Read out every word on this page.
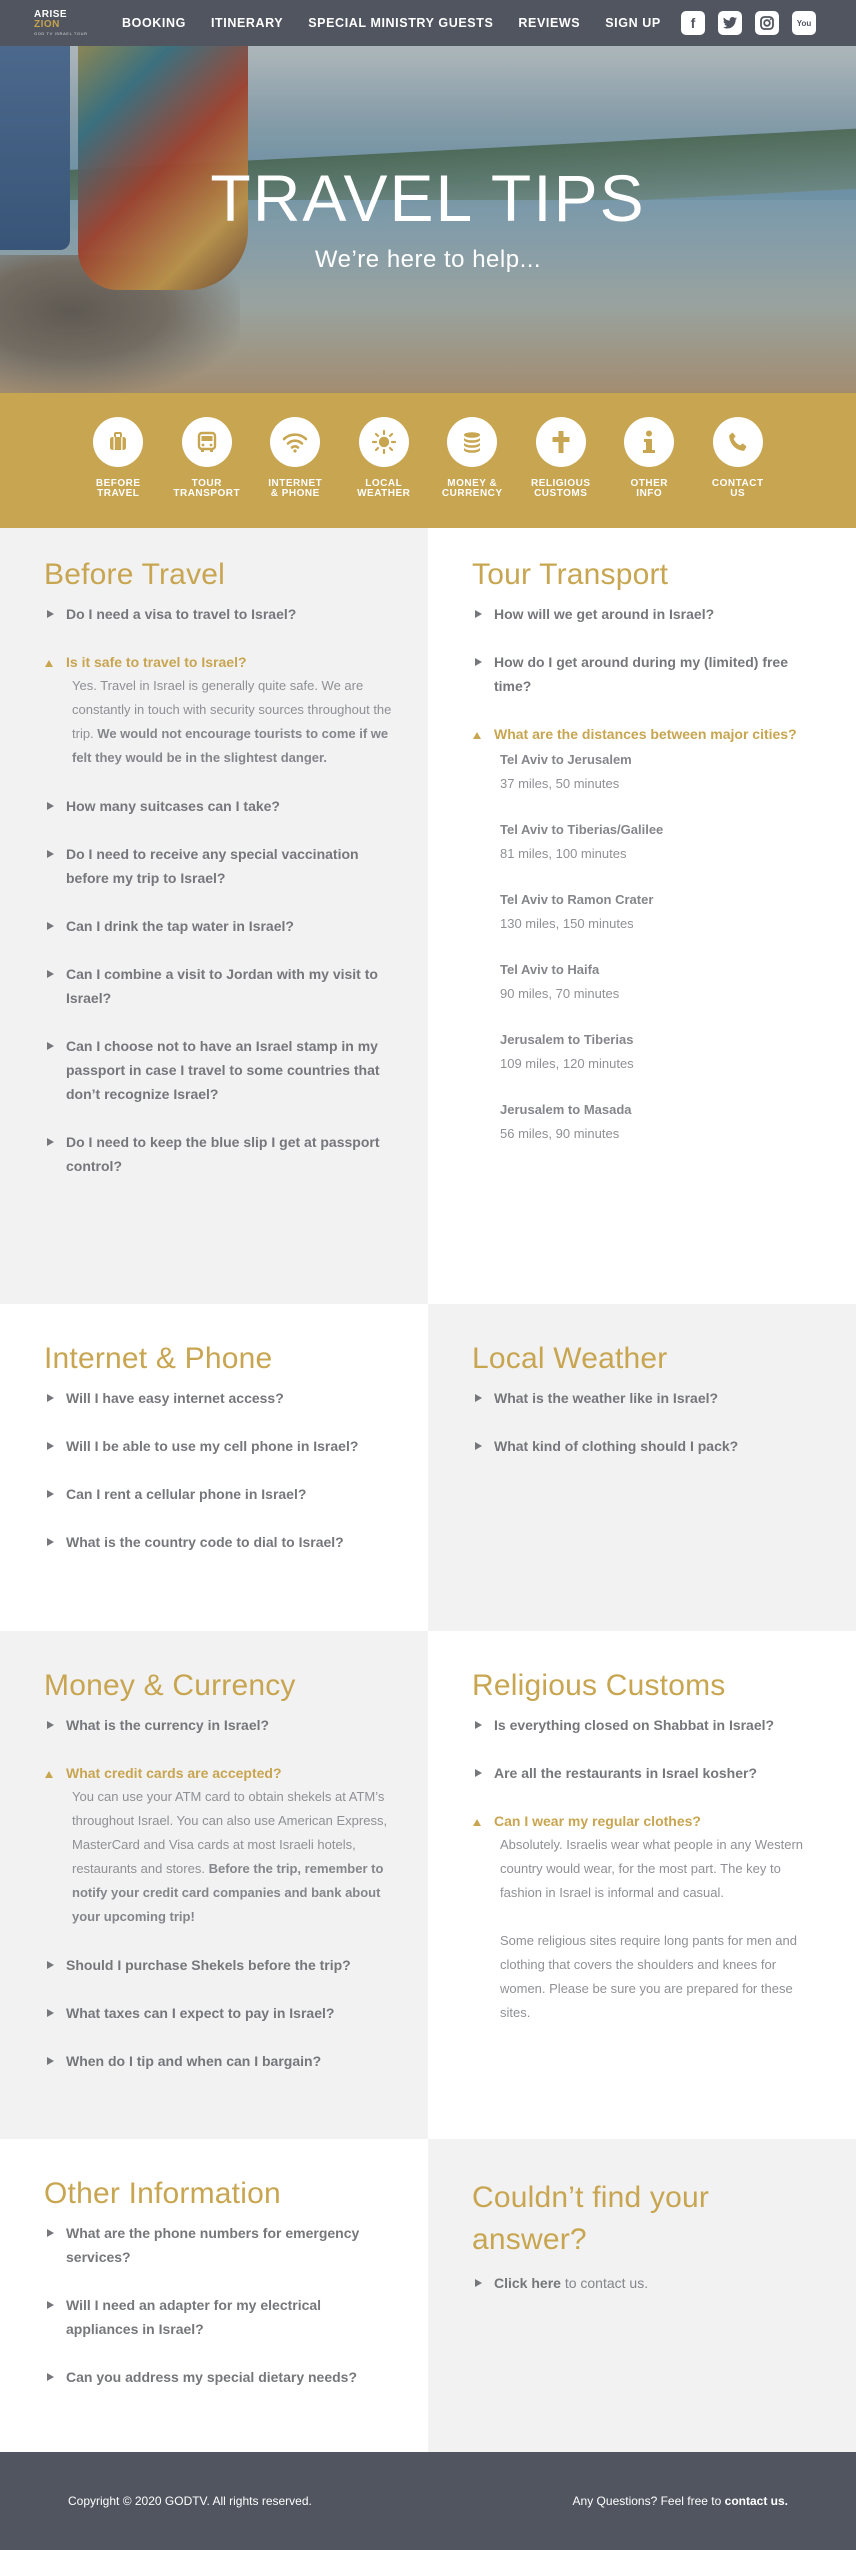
ARISE
ZION
GOD TV ISRAEL TOUR
BOOKING ITINERARY SPECIAL MINISTRY GUESTS REVIEWS SIGN UP	f	You
TRAVEL TIPS

We’re here to help...

BEFORE
TRAVEL
TOUR
TRANSPORT
INTERNET
& PHONE
LOCAL
WEATHER
MONEY &
CURRENCY
RELIGIOUS
CUSTOMS
OTHER
INFO
CONTACT
US
Before Travel
Do I need a visa to travel to Israel?
Is it safe to travel to Israel?
Yes. Travel in Israel is generally quite safe. We are constantly in touch with security sources throughout the trip. We would not encourage tourists to come if we felt they would be in the slightest danger.
How many suitcases can I take?
Do I need to receive any special vaccination before my trip to Israel?
Can I drink the tap water in Israel?
Can I combine a visit to Jordan with my visit to Israel?
Can I choose not to have an Israel stamp in my passport in case I travel to some countries that don’t recognize Israel?
Do I need to keep the blue slip I get at passport control?
Tour Transport
How will we get around in Israel?
How do I get around during my (limited) free time?
What are the distances between major cities?
Tel Aviv to Jerusalem
37 miles, 50 minutes
Tel Aviv to Tiberias/Galilee
81 miles, 100 minutes
Tel Aviv to Ramon Crater
130 miles, 150 minutes
Tel Aviv to Haifa
90 miles, 70 minutes
Jerusalem to Tiberias
109 miles, 120 minutes
Jerusalem to Masada
56 miles, 90 minutes
Internet & Phone
Will I have easy internet access?
Will I be able to use my cell phone in Israel?
Can I rent a cellular phone in Israel?
What is the country code to dial to Israel?
Local Weather
What is the weather like in Israel?
What kind of clothing should I pack?
Money & Currency
What is the currency in Israel?
What credit cards are accepted?
You can use your ATM card to obtain shekels at ATM’s throughout Israel. You can also use American Express, MasterCard and Visa cards at most Israeli hotels, restaurants and stores. Before the trip, remember to notify your credit card companies and bank about your upcoming trip!
Should I purchase Shekels before the trip?
What taxes can I expect to pay in Israel?
When do I tip and when can I bargain?
Religious Customs
Is everything closed on Shabbat in Israel?
Are all the restaurants in Israel kosher?
Can I wear my regular clothes?
Absolutely. Israelis wear what people in any Western country would wear, for the most part. The key to fashion in Israel is informal and casual.
Some religious sites require long pants for men and clothing that covers the shoulders and knees for women. Please be sure you are prepared for these sites.
Other Information
What are the phone numbers for emergency services?
Will I need an adapter for my electrical appliances in Israel?
Can you address my special dietary needs?
Couldn’t find your answer?
Click here to contact us.
Copyright © 2020 GODTV. All rights reserved.	Any Questions? Feel free to contact us.
